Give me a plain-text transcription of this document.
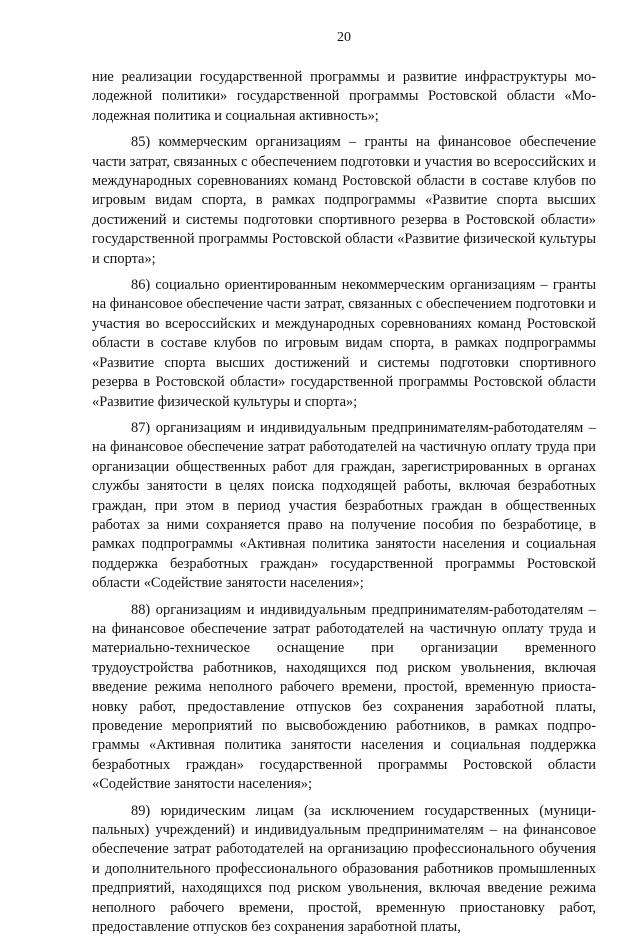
20

ние реализации государственной программы и развитие инфраструктуры молодежной политики» государственной программы Ростовской области «Молодежная политика и социальная активность»;

85) коммерческим организациям – гранты на финансовое обеспечение части затрат, связанных с обеспечением подготовки и участия во всероссийских и международных соревнованиях команд Ростовской области в составе клубов по игровым видам спорта, в рамках подпрограммы «Развитие спорта высших достижений и системы подготовки спортивного резерва в Ростовской области» государственной программы Ростовской области «Развитие физической культуры и спорта»;

86) социально ориентированным некоммерческим организациям – гранты на финансовое обеспечение части затрат, связанных с обеспечением подготовки и участия во всероссийских и международных соревнованиях команд Ростовской области в составе клубов по игровым видам спорта, в рамках подпрограммы «Развитие спорта высших достижений и системы подготовки спортивного резерва в Ростовской области» государственной программы Ростовской области «Развитие физической культуры и спорта»;

87) организациям и индивидуальным предпринимателям-работодателям – на финансовое обеспечение затрат работодателей на частичную оплату труда при организации общественных работ для граждан, зарегистрированных в органах службы занятости в целях поиска подходящей работы, включая безработных граждан, при этом в период участия безработных граждан в общественных работах за ними сохраняется право на получение пособия по безработице, в рамках подпрограммы «Активная политика занятости населения и социальная поддержка безработных граждан» государственной программы Ростовской области «Содействие занятости населения»;

88) организациям и индивидуальным предпринимателям-работодателям – на финансовое обеспечение затрат работодателей на частичную оплату труда и материально-техническое оснащение при организации временного трудоустройства работников, находящихся под риском увольнения, включая введение режима неполного рабочего времени, простой, временную приостановку работ, предоставление отпусков без сохранения заработной платы, проведение мероприятий по высвобождению работников, в рамках подпрограммы «Активная политика занятости населения и социальная поддержка безработных граждан» государственной программы Ростовской области «Содействие занятости населения»;

89) юридическим лицам (за исключением государственных (муниципальных) учреждений) и индивидуальным предпринимателям – на финансовое обеспечение затрат работодателей на организацию профессионального обучения и дополнительного профессионального образования работников промышленных предприятий, находящихся под риском увольнения, включая введение режима неполного рабочего времени, простой, временную приостановку работ, предоставление отпусков без сохранения заработной платы,
